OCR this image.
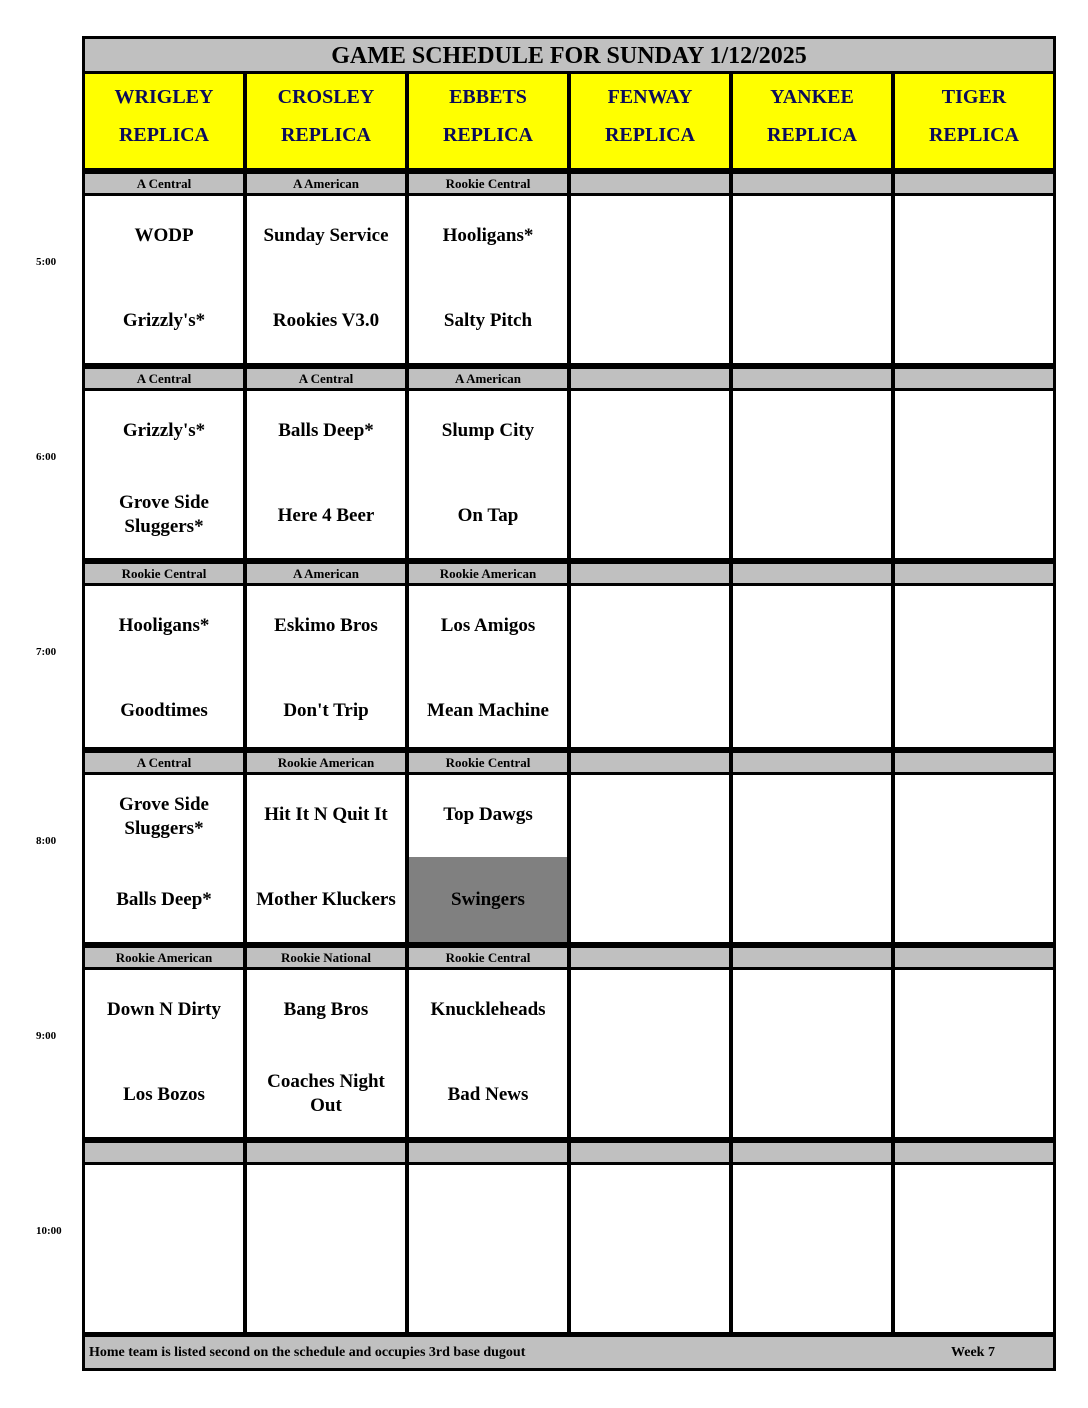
GAME SCHEDULE FOR SUNDAY 1/12/2025
WRIGLEY
REPLICA
CROSLEY
REPLICA
EBBETS
REPLICA
FENWAY
REPLICA
YANKEE
REPLICA
TIGER
REPLICA
5:00
A Central
WODP
Grizzly's*
A American
Sunday Service
Rookies V3.0
Rookie Central
Hooligans*
Salty Pitch
6:00
A Central
Grizzly's*
Grove Side Sluggers*
A Central
Balls Deep*
Here 4 Beer
A American
Slump City
On Tap
7:00
Rookie Central
Hooligans*
Goodtimes
A American
Eskimo Bros
Don't Trip
Rookie American
Los Amigos
Mean Machine
8:00
A Central
Grove Side Sluggers*
Balls Deep*
Rookie American
Hit It N Quit It
Mother Kluckers
Rookie Central
Top Dawgs
Swingers
9:00
Rookie American
Down N Dirty
Los Bozos
Rookie National
Bang Bros
Coaches Night Out
Rookie Central
Knuckleheads
Bad News
10:00
Home team is listed second on the schedule and occupies 3rd base dugout	Week 7
